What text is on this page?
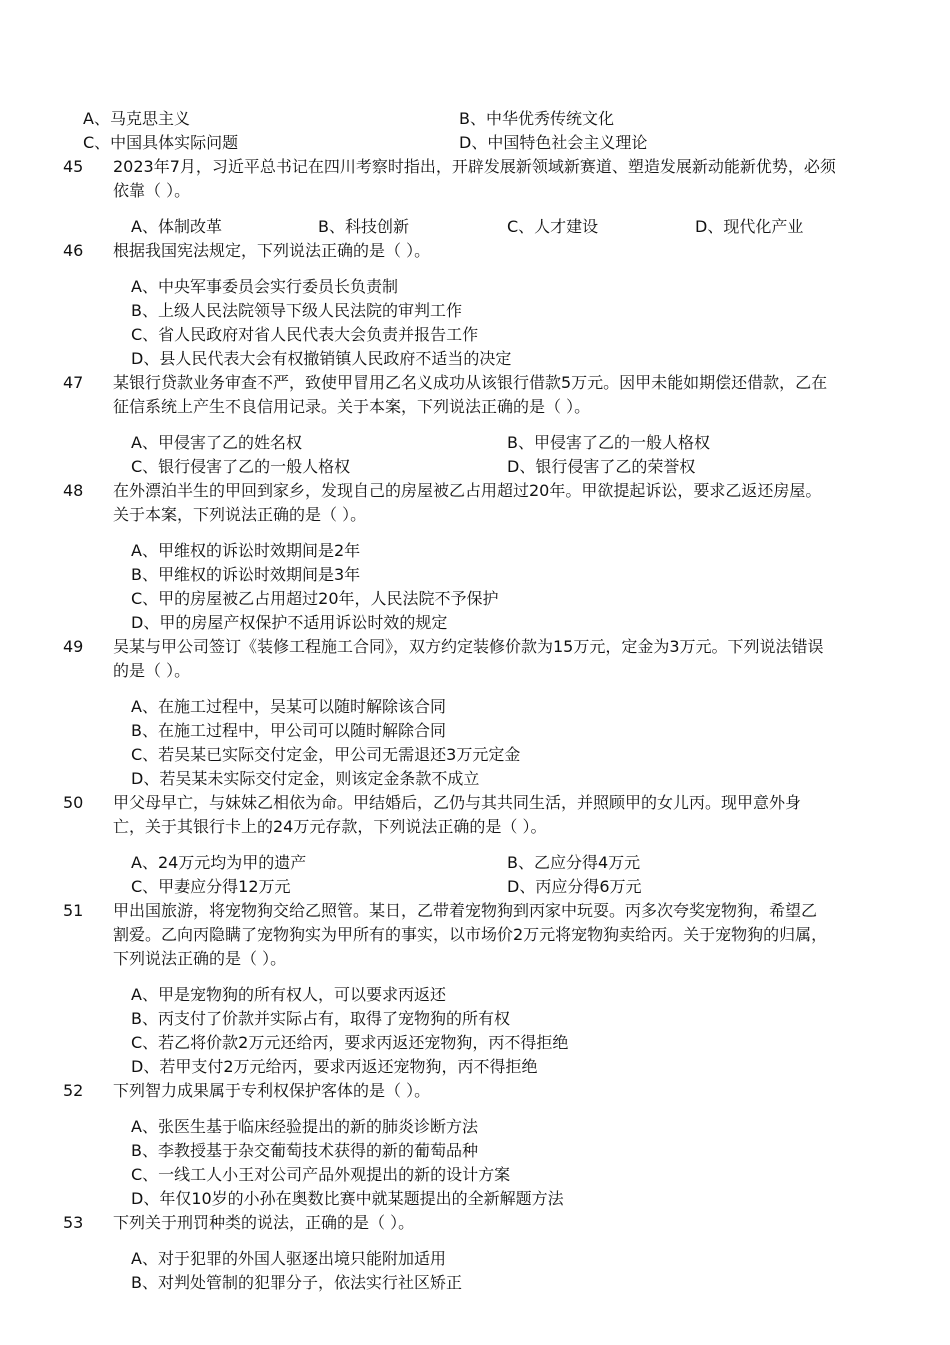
A、马克思主义	B、中华优秀传统文化
C、中国具体实际问题	D、中国特色社会主义理论
45 2023年7月，习近平总书记在四川考察时指出，开辟发展新领域新赛道、塑造发展新动能新优势，必须
依靠（ ）。
A、体制改革	B、科技创新	C、人才建设	D、现代化产业
46 根据我国宪法规定，下列说法正确的是（ ）。
A、中央军事委员会实行委员长负责制
B、上级人民法院领导下级人民法院的审判工作
C、省人民政府对省人民代表大会负责并报告工作
D、县人民代表大会有权撤销镇人民政府不适当的决定
47 某银行贷款业务审查不严，致使甲冒用乙名义成功从该银行借款5万元。因甲未能如期偿还借款，乙在
征信系统上产生不良信用记录。关于本案，下列说法正确的是（ ）。
A、甲侵害了乙的姓名权	B、甲侵害了乙的一般人格权
C、银行侵害了乙的一般人格权	D、银行侵害了乙的荣誉权
48 在外漂泊半生的甲回到家乡，发现自己的房屋被乙占用超过20年。甲欲提起诉讼，要求乙返还房屋。
关于本案，下列说法正确的是（ ）。
A、甲维权的诉讼时效期间是2年
B、甲维权的诉讼时效期间是3年
C、甲的房屋被乙占用超过20年，人民法院不予保护
D、甲的房屋产权保护不适用诉讼时效的规定
49 吴某与甲公司签订《装修工程施工合同》，双方约定装修价款为15万元，定金为3万元。下列说法错误
的是（ ）。
A、在施工过程中，吴某可以随时解除该合同
B、在施工过程中，甲公司可以随时解除合同
C、若吴某已实际交付定金，甲公司无需退还3万元定金
D、若吴某未实际交付定金，则该定金条款不成立
50 甲父母早亡，与妹妹乙相依为命。甲结婚后，乙仍与其共同生活，并照顾甲的女儿丙。现甲意外身
亡，关于其银行卡上的24万元存款，下列说法正确的是（ ）。
A、24万元均为甲的遗产	B、乙应分得4万元
C、甲妻应分得12万元	D、丙应分得6万元
51 甲出国旅游，将宠物狗交给乙照管。某日，乙带着宠物狗到丙家中玩耍。丙多次夸奖宠物狗，希望乙
割爱。乙向丙隐瞒了宠物狗实为甲所有的事实，以市场价2万元将宠物狗卖给丙。关于宠物狗的归属，
下列说法正确的是（ ）。
A、甲是宠物狗的所有权人，可以要求丙返还
B、丙支付了价款并实际占有，取得了宠物狗的所有权
C、若乙将价款2万元还给丙，要求丙返还宠物狗，丙不得拒绝
D、若甲支付2万元给丙，要求丙返还宠物狗，丙不得拒绝
52 下列智力成果属于专利权保护客体的是（ ）。
A、张医生基于临床经验提出的新的肺炎诊断方法
B、李教授基于杂交葡萄技术获得的新的葡萄品种
C、一线工人小王对公司产品外观提出的新的设计方案
D、年仅10岁的小孙在奥数比赛中就某题提出的全新解题方法
53 下列关于刑罚种类的说法，正确的是（ ）。
A、对于犯罪的外国人驱逐出境只能附加适用
B、对判处管制的犯罪分子，依法实行社区矫正
